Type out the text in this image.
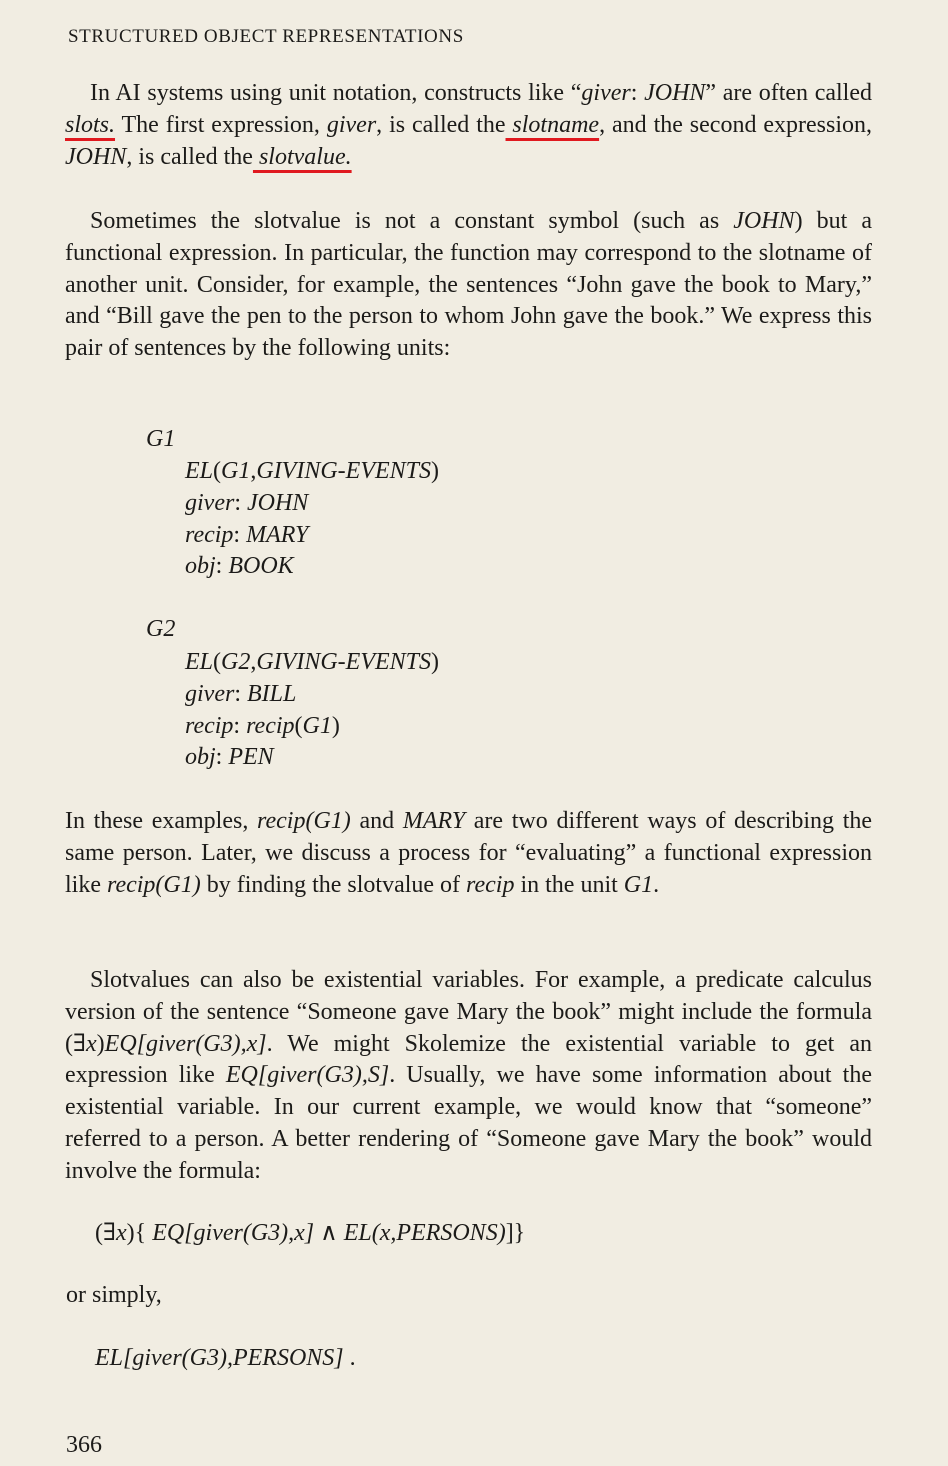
STRUCTURED OBJECT REPRESENTATIONS

In AI systems using unit notation, constructs like “giver: JOHN” are often called slots. The first expression, giver, is called the slotname, and the second expression, JOHN, is called the slotvalue.

Sometimes the slotvalue is not a constant symbol (such as JOHN) but a functional expression. In particular, the function may correspond to the slotname of another unit. Consider, for example, the sentences “John gave the book to Mary,” and “Bill gave the pen to the person to whom John gave the book.” We express this pair of sentences by the following units:

G1
EL(G1,GIVING-EVENTS)
giver: JOHN
recip: MARY
obj: BOOK
G2
EL(G2,GIVING-EVENTS)
giver: BILL
recip: recip(G1)
obj: PEN

In these examples, recip(G1) and MARY are two different ways of describing the same person. Later, we discuss a process for “evaluating” a functional expression like recip(G1) by finding the slotvalue of recip in the unit G1.

Slotvalues can also be existential variables. For example, a predicate calculus version of the sentence “Someone gave Mary the book” might include the formula (∃x)EQ[giver(G3),x]. We might Skolemize the existential variable to get an expression like EQ[giver(G3),S]. Usually, we have some information about the existential variable. In our current example, we would know that “someone” referred to a person. A better rendering of “Someone gave Mary the book” would involve the formula:

(∃x){ EQ[giver(G3),x] ∧ EL(x,PERSONS)]}
or simply,
EL[giver(G3),PERSONS] .
366
